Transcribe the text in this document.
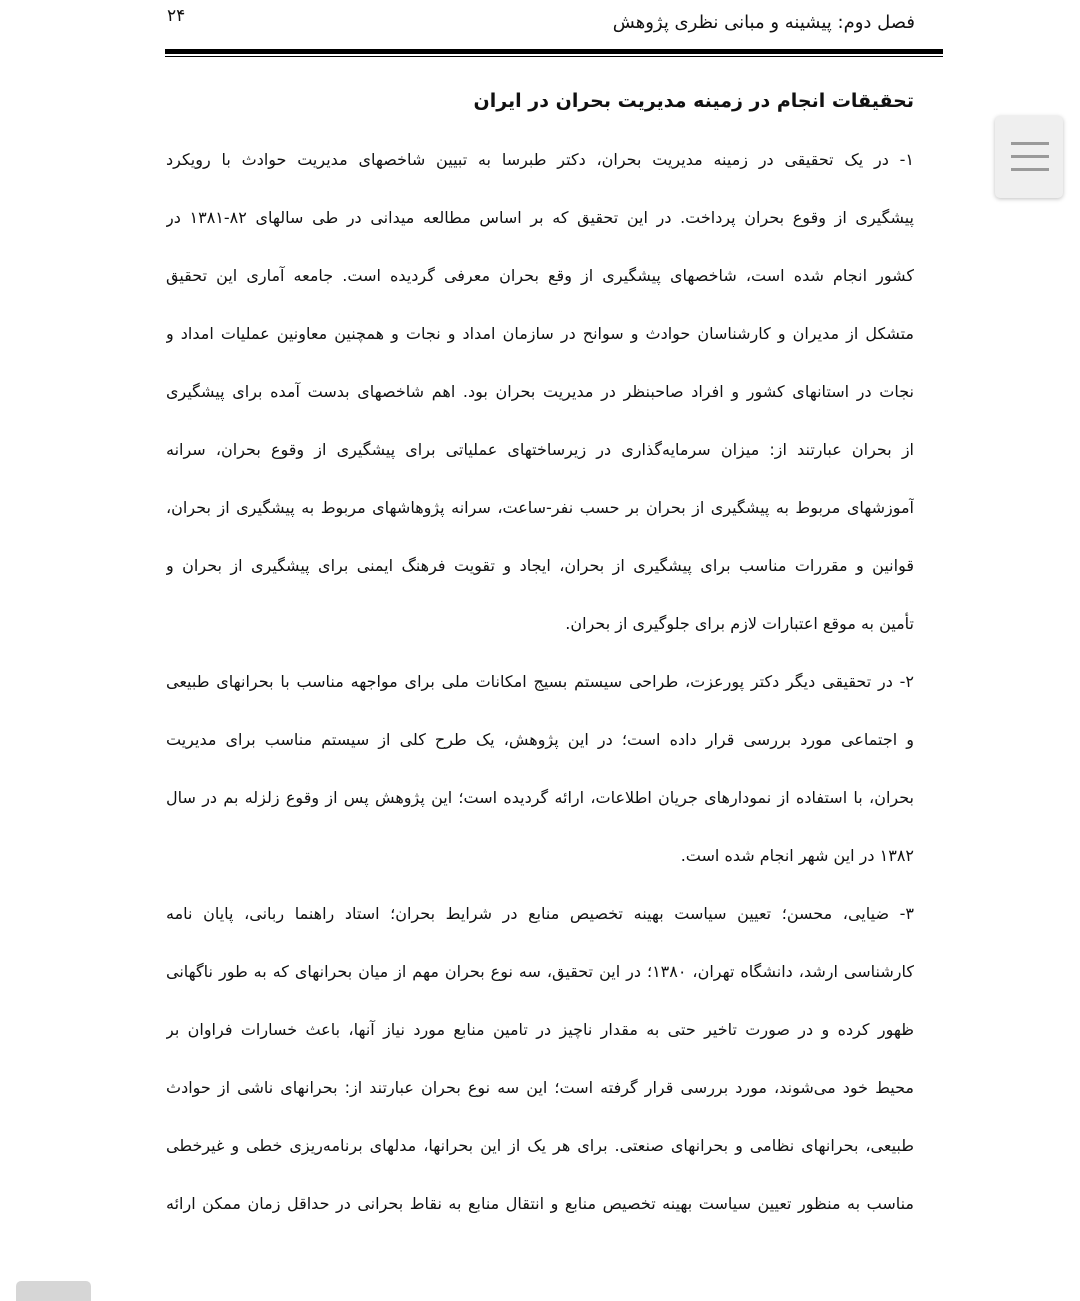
۲۴	فصل دوم: پیشینه و مبانی نظری پژوهش
تحقیقات انجام در زمینه مدیریت بحران در ایران
۱- در یک تحقیقی در زمینه مدیریت بحران، دکتر طبرسا به تبیین شاخصهای مدیریت حوادث با رویکرد
پیشگیری از وقوع بحران پرداخت. در این تحقیق که بر اساس مطالعه میدانی در طی سالهای ۸۲-۱۳۸۱ در
کشور انجام شده است، شاخصهای پیشگیری از وقع بحران معرفی گردیده است. جامعه آماری این تحقیق
متشکل از مدیران و کارشناسان حوادث و سوانح در سازمان امداد و نجات و همچنین معاونین عملیات امداد و
نجات در استانهای کشور و افراد صاحبنظر در مدیریت بحران بود. اهم شاخصهای بدست آمده برای پیشگیری
از بحران عبارتند از: میزان سرمایه‌گذاری در زیرساختهای عملیاتی برای پیشگیری از وقوع بحران، سرانه
آموزشهای مربوط به پیشگیری از بحران بر حسب نفر-ساعت، سرانه پژوهاشهای مربوط به پیشگیری از بحران،
قوانین و مقررات مناسب برای پیشگیری از بحران، ایجاد و تقویت فرهنگ ایمنی برای پیشگیری از بحران و
تأمین به موقع اعتبارات لازم برای جلوگیری از بحران.
۲- در تحقیقی دیگر دکتر پورعزت، طراحی سیستم بسیج امکانات ملی برای مواجهه مناسب با بحرانهای طبیعی
و اجتماعی مورد بررسی قرار داده است؛ در این پژوهش، یک طرح کلی از سیستم مناسب برای مدیریت
بحران، با استفاده از نمودارهای جریان اطلاعات، ارائه گردیده است؛ این پژوهش پس از وقوع زلزله بم در سال
۱۳۸۲ در این شهر انجام شده است.
۳- ضیایی، محسن؛ تعیین سیاست بهینه تخصیص منابع در شرایط بحران؛ استاد راهنما ربانی، پایان نامه
کارشناسی ارشد، دانشگاه تهران، ۱۳۸۰؛ در این تحقیق، سه نوع بحران مهم از میان بحرانهای که به طور ناگهانی
ظهور کرده و در صورت تاخیر حتی به مقدار ناچیز در تامین منابع مورد نیاز آنها، باعث خسارات فراوان بر
محیط خود می‌شوند، مورد بررسی قرار گرفته است؛ این سه نوع بحران عبارتند از: بحرانهای ناشی از حوادث
طبیعی، بحرانهای نظامی و بحرانهای صنعتی. برای هر یک از این بحرانها، مدلهای برنامه‌ریزی خطی و غیرخطی
مناسب به منظور تعیین سیاست بهینه تخصیص منابع و انتقال منابع به نقاط بحرانی در حداقل زمان ممکن ارائه
